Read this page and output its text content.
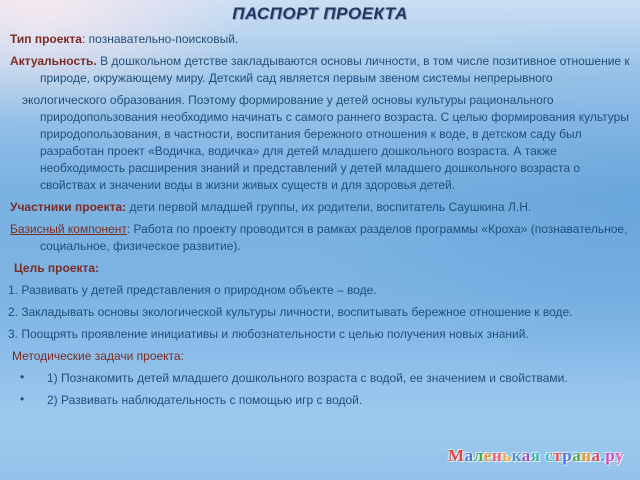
ПАСПОРТ ПРОЕКТА

Тип проекта: познавательно-поисковый.

Актуальность. В дошкольном детстве закладываются основы личности, в том числе позитивное отношение к природе, окружающему миру. Детский сад является первым звеном системы непрерывного

экологического образования. Поэтому формирование у детей основы культуры рационального природопользования необходимо начинать с самого раннего возраста. С целью формирования культуры природопользования, в частности, воспитания бережного отношения к воде, в детском саду был разработан проект «Водичка, водичка» для детей младшего дошкольного возраста. А также необходимость расширения знаний и представлений у детей младшего дошкольного возраста о свойствах и значении воды в жизни живых существ и для здоровья детей.

Участники проекта: дети первой младшей группы, их родители, воспитатель Саушкина Л.Н.

Базисный компонент: Работа по проекту проводится в рамках разделов программы «Кроха» (познавательное, социальное, физическое развитие).

Цель проекта:

1. Развивать у детей представления о природном объекте – воде.

2. Закладывать основы экологической культуры личности, воспитывать бережное отношение к воде.

3. Поощрять проявление инициативы и любознательности с целью получения новых знаний.

Методические задачи проекта:

• 1) Познакомить детей младшего дошкольного возраста с водой, ее значением и свойствами.

• 2) Развивать наблюдательность с помощью игр с водой.

Маленькая страна.ру
